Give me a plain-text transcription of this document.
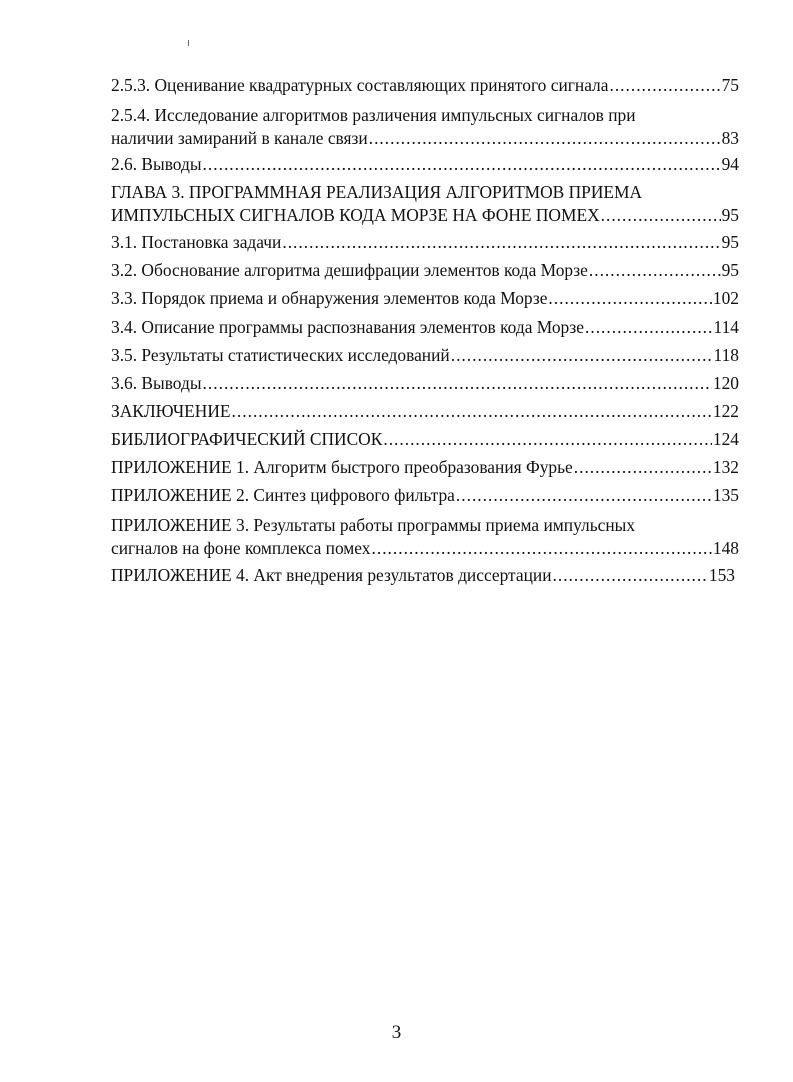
2.5.3. Оценивание квадратурных составляющих принятого сигнала .....	75
2.5.4. Исследование алгоритмов различения импульсных сигналов при
наличии замираний в канале связи .....	83
2.6. Выводы .....	94
ГЛАВА 3. ПРОГРАММНАЯ РЕАЛИЗАЦИЯ АЛГОРИТМОВ ПРИЕМА
ИМПУЛЬСНЫХ СИГНАЛОВ КОДА МОРЗЕ НА ФОНЕ ПОМЕХ .....	95
3.1. Постановка задачи .....	95
3.2. Обоснование алгоритма дешифрации элементов кода Морзе .....	95
3.3. Порядок приема и обнаружения элементов кода Морзе .....	102
3.4. Описание программы распознавания элементов кода Морзе .....	114
3.5. Результаты статистических исследований .....	118
3.6. Выводы .....	120
ЗАКЛЮЧЕНИЕ .....	122
БИБЛИОГРАФИЧЕСКИЙ СПИСОК .....	124
ПРИЛОЖЕНИЕ 1. Алгоритм быстрого преобразования Фурье .....	132
ПРИЛОЖЕНИЕ 2. Синтез цифрового фильтра .....	135
ПРИЛОЖЕНИЕ 3. Результаты работы программы приема импульсных
сигналов на фоне комплекса помех .....	148
ПРИЛОЖЕНИЕ 4. Акт внедрения результатов диссертации .....	153
3
